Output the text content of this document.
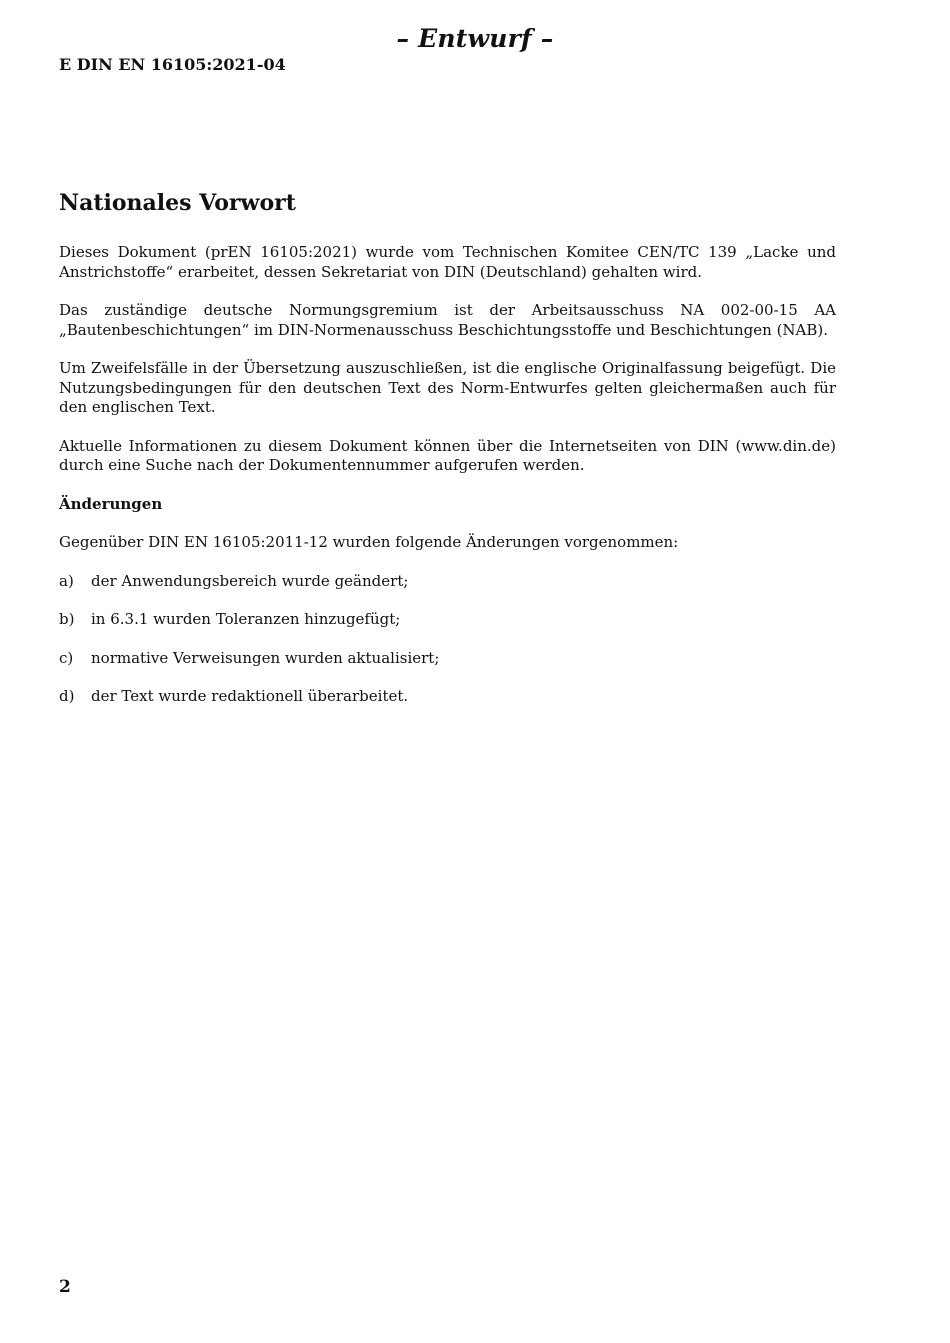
– Entwurf –
E DIN EN 16105:2021-04
Nationales Vorwort

Dieses Dokument (prEN 16105:2021) wurde vom Technischen Komitee CEN/TC 139 „Lacke und Anstrichstoffe“ erarbeitet, dessen Sekretariat von DIN (Deutschland) gehalten wird.

Das zuständige deutsche Normungsgremium ist der Arbeitsausschuss NA 002-00-15 AA „Bautenbeschichtungen“ im DIN-Normenausschuss Beschichtungsstoffe und Beschichtungen (NAB).

Um Zweifelsfälle in der Übersetzung auszuschließen, ist die englische Originalfassung beigefügt. Die Nutzungsbedingungen für den deutschen Text des Norm-Entwurfes gelten gleichermaßen auch für den englischen Text.

Aktuelle Informationen zu diesem Dokument können über die Internetseiten von DIN (www.din.de) durch eine Suche nach der Dokumentennummer aufgerufen werden.

Änderungen

Gegenüber DIN EN 16105:2011-12 wurden folgende Änderungen vorgenommen:

a)	der Anwendungsbereich wurde geändert;
b)	in 6.3.1 wurden Toleranzen hinzugefügt;
c)	normative Verweisungen wurden aktualisiert;
d)	der Text wurde redaktionell überarbeitet.
2
